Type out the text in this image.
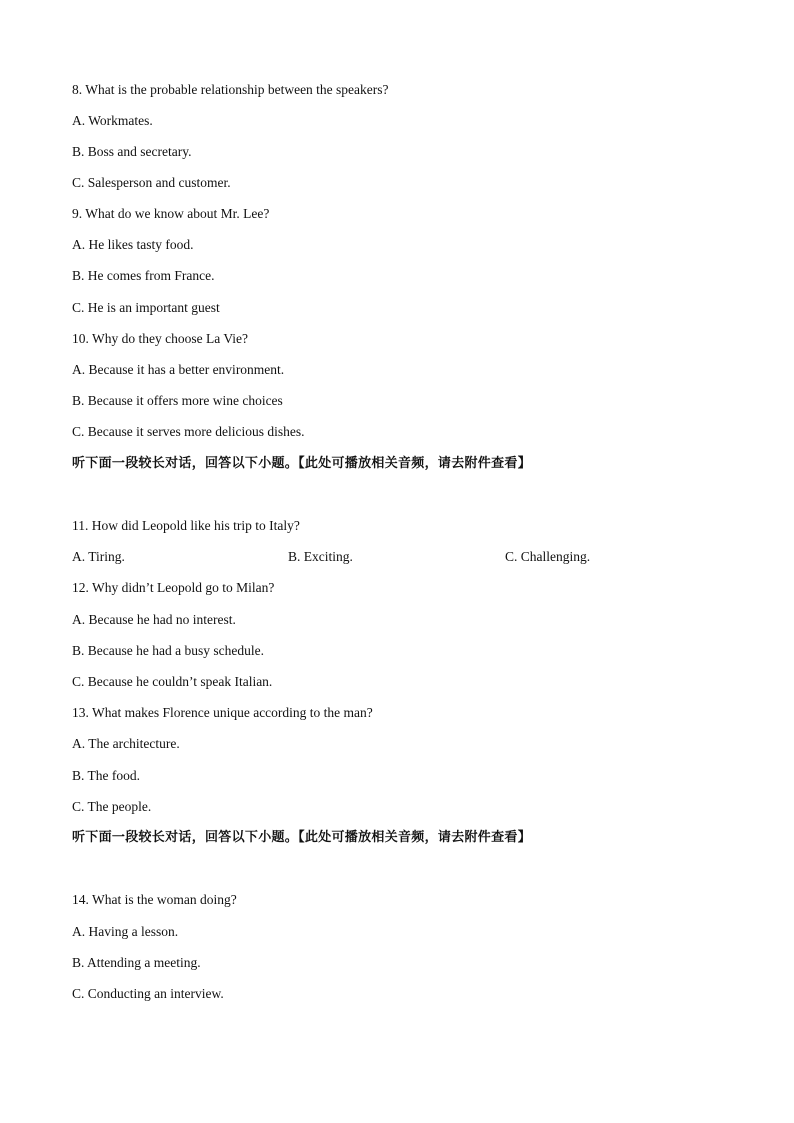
8. What is the probable relationship between the speakers?
A. Workmates.
B. Boss and secretary.
C. Salesperson and customer.
9. What do we know about Mr. Lee?
A. He likes tasty food.
B. He comes from France.
C. He is an important guest
10. Why do they choose La Vie?
A. Because it has a better environment.
B. Because it offers more wine choices
C. Because it serves more delicious dishes.
听下面一段较长对话，回答以下小题。【此处可播放相关音频，请去附件查看】
11. How did Leopold like his trip to Italy?
A. Tiring.	B. Exciting.	C. Challenging.
12. Why didn’t Leopold go to Milan?
A. Because he had no interest.
B. Because he had a busy schedule.
C. Because he couldn’t speak Italian.
13. What makes Florence unique according to the man?
A. The architecture.
B. The food.
C. The people.
听下面一段较长对话，回答以下小题。【此处可播放相关音频，请去附件查看】
14. What is the woman doing?
A. Having a lesson.
B. Attending a meeting.
C. Conducting an interview.
